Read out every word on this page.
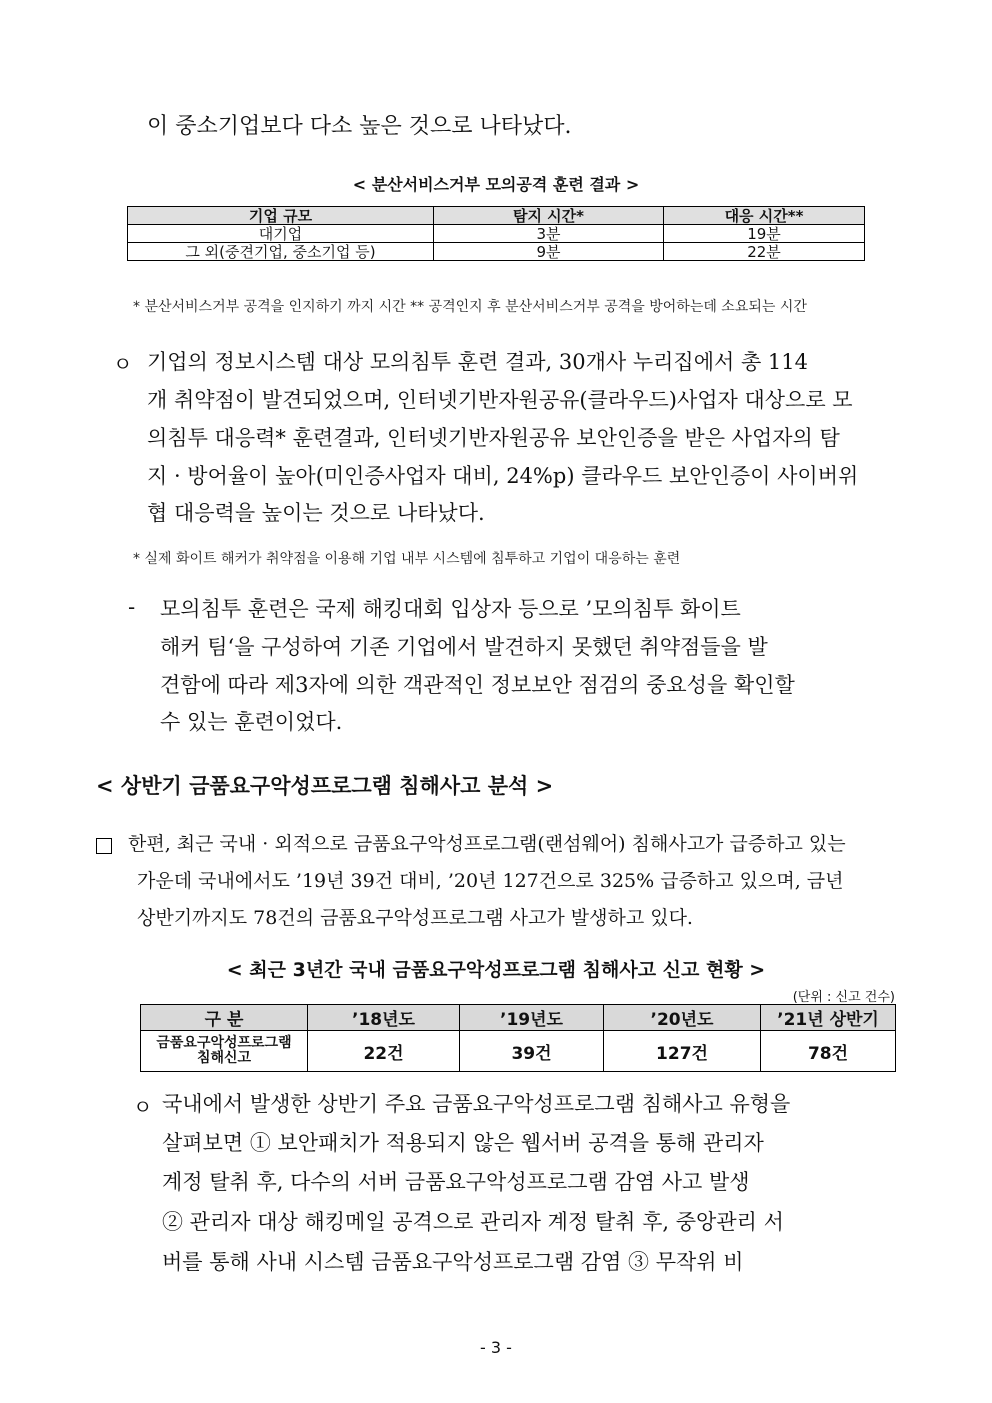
이 중소기업보다 다소 높은 것으로 나타났다.
< 분산서비스거부 모의공격 훈련 결과 >
기업 규모	탐지 시간*	대응 시간**
대기업	3분	19분
그 외(중견기업, 중소기업 등)	9분	22분
* 분산서비스거부 공격을 인지하기 까지 시간 ** 공격인지 후 분산서비스거부 공격을 방어하는데 소요되는 시간
ㅇ 기업의 정보시스템 대상 모의침투 훈련 결과, 30개사 누리집에서 총 114
개 취약점이 발견되었으며, 인터넷기반자원공유(클라우드)사업자 대상으로 모
의침투 대응력* 훈련결과, 인터넷기반자원공유 보안인증을 받은 사업자의 탐
지 · 방어율이 높아(미인증사업자 대비, 24%p) 클라우드 보안인증이 사이버위
협 대응력을 높이는 것으로 나타났다.
* 실제 화이트 해커가 취약점을 이용해 기업 내부 시스템에 침투하고 기업이 대응하는 훈련
- 모의침투 훈련은 국제 해킹대회 입상자 등으로 ’모의침투 화이트
해커 팀‘을 구성하여 기존 기업에서 발견하지 못했던 취약점들을 발
견함에 따라 제3자에 의한 객관적인 정보보안 점검의 중요성을 확인할
수 있는 훈련이었다.
< 상반기 금품요구악성프로그램 침해사고 분석 >
한편, 최근 국내 · 외적으로 금품요구악성프로그램(랜섬웨어) 침해사고가 급증하고 있는
가운데 국내에서도 ’19년 39건 대비, ’20년 127건으로 325% 급증하고 있으며, 금년
상반기까지도 78건의 금품요구악성프로그램 사고가 발생하고 있다.
< 최근 3년간 국내 금품요구악성프로그램 침해사고 신고 현황 >
(단위 : 신고 건수)
구 분	’18년도	’19년도	’20년도	’21년 상반기

금품요구악성프로그램
침해신고	22건	39건	127건	78건
ㅇ 국내에서 발생한 상반기 주요 금품요구악성프로그램 침해사고 유형을
살펴보면 ① 보안패치가 적용되지 않은 웹서버 공격을 통해 관리자
계정 탈취 후, 다수의 서버 금품요구악성프로그램 감염 사고 발생
② 관리자 대상 해킹메일 공격으로 관리자 계정 탈취 후, 중앙관리 서
버를 통해 사내 시스템 금품요구악성프로그램 감염 ③ 무작위 비
- 3 -
